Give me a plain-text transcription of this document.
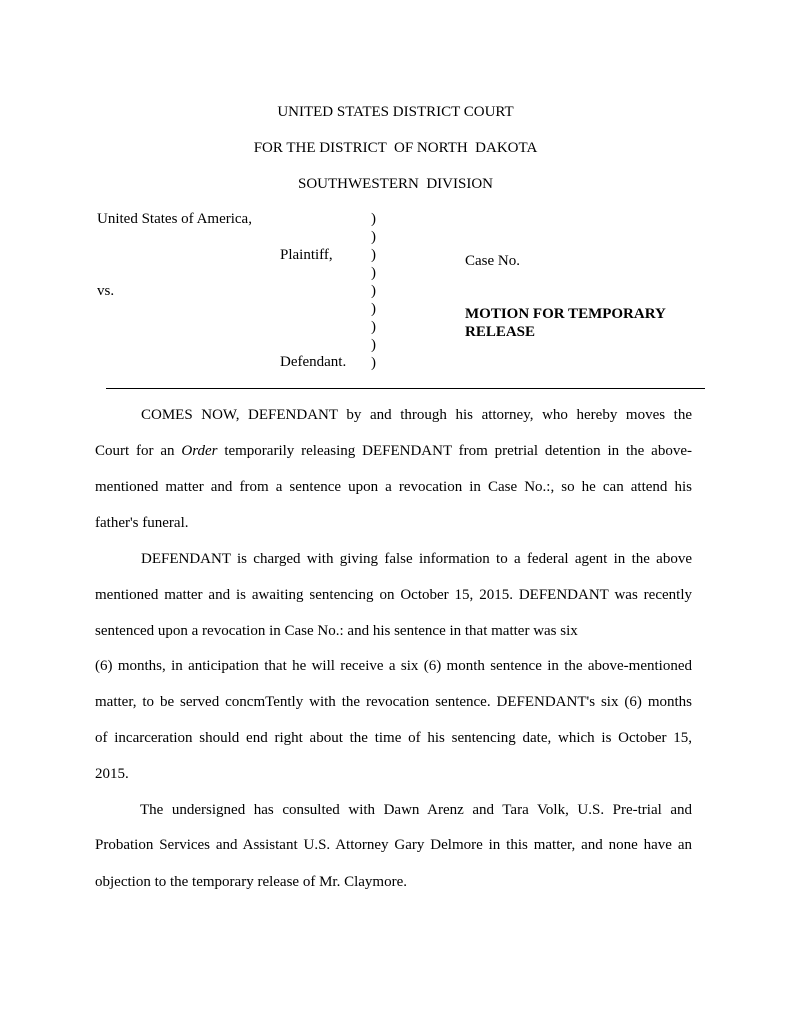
UNITED STATES DISTRICT COURT
FOR THE DISTRICT  OF NORTH  DAKOTA
SOUTHWESTERN  DIVISION
United States of America,
Plaintiff,
vs.
Defendant.
)
)
)
)
)
)
)
)
)
Case No.
MOTION FOR TEMPORARY RELEASE
COMES NOW, DEFENDANT by and through his attorney, who hereby moves the
Court for an Order temporarily releasing DEFENDANT from pretrial detention in the above-
mentioned matter and from a sentence upon a revocation in Case No.:, so he can attend his
father's funeral.
DEFENDANT is charged with giving false information to a federal agent in the above
mentioned matter and is awaiting sentencing on October 15, 2015. DEFENDANT was recently
sentenced upon a revocation in Case No.: and his sentence in that matter was six
(6) months, in anticipation that he will receive a six (6) month sentence in the above-mentioned
matter, to be served concmTently with the revocation sentence. DEFENDANT's six (6) months
of incarceration should end right about the time of his sentencing date, which is October 15,
2015.
The undersigned has consulted with Dawn Arenz and Tara Volk, U.S. Pre-trial and
Probation Services and Assistant U.S. Attorney Gary Delmore in this matter, and none have an
objection to the temporary release of Mr. Claymore.
